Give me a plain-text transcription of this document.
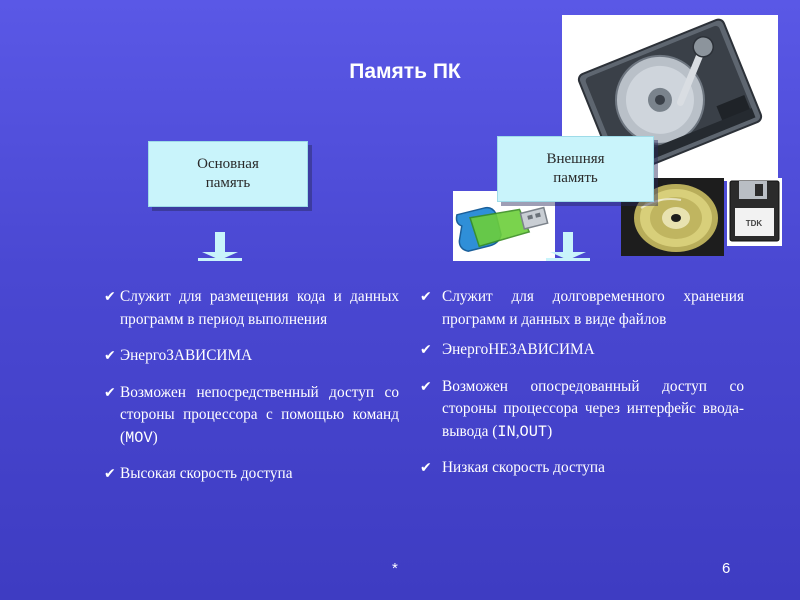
Память ПК
Основная
память
TDK
Внешняя
память
✔ Служит для размещения кода и данных программ в период выполнения
✔ ЭнергоЗАВИСИМА
✔ Возможен непосредственный доступ со стороны процессора с помощью команд (MOV)
✔ Высокая скорость доступа
✔ Служит для долговременного хранения программ и данных в виде файлов
✔ ЭнергоНЕЗАВИСИМА
✔ Возможен опосредованный доступ со стороны процессора через интерфейс ввода-вывода (IN,OUT)
✔ Низкая скорость доступа
*	6
